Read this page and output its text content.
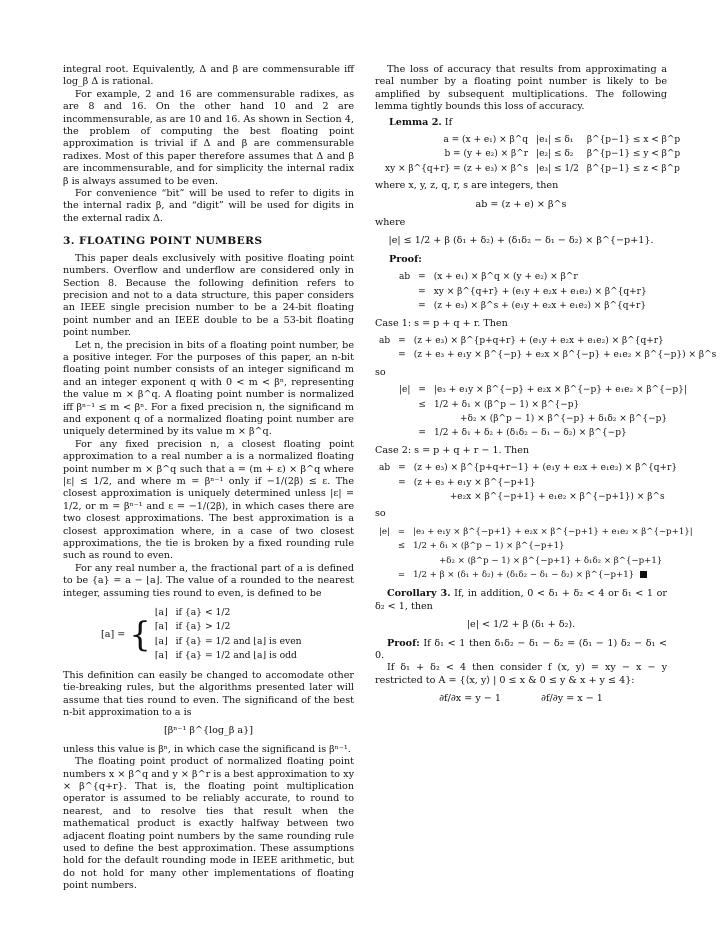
integral root. Equivalently, Δ and β are commensurable iff log_β Δ is rational.

For example, 2 and 16 are commensurable radixes, as are 8 and 16. On the other hand 10 and 2 are incommensurable, as are 10 and 16. As shown in Section 4, the problem of computing the best floating point approximation is trivial if Δ and β are commensurable radixes. Most of this paper therefore assumes that Δ and β are incommensurable, and for simplicity the internal radix β is always assumed to be even.

For convenience “bit” will be used to refer to digits in the internal radix β, and “digit” will be used for digits in the external radix Δ.

3. FLOATING POINT NUMBERS

This paper deals exclusively with positive floating point numbers. Overflow and underflow are considered only in Section 8. Because the following definition refers to precision and not to a data structure, this paper considers an IEEE single precision number to be a 24-bit floating point number and an IEEE double to be a 53-bit floating point number.

Let n, the precision in bits of a floating point number, be a positive integer. For the purposes of this paper, an n-bit floating point number consists of an integer significand m and an integer exponent q with 0 < m < βⁿ, representing the value m × β^q. A floating point number is normalized iff βⁿ⁻¹ ≤ m < βⁿ. For a fixed precision n, the significand m and exponent q of a normalized floating point number are uniquely determined by its value m × β^q.

For any fixed precision n, a closest floating point approximation to a real number a is a normalized floating point number m × β^q such that a = (m + ε) × β^q where |ε| ≤ 1/2, and where m = βⁿ⁻¹ only if −1/(2β) ≤ ε. The closest approximation is uniquely determined unless |ε| = 1/2, or m = βⁿ⁻¹ and ε = −1/(2β), in which cases there are two closest approximations. The best approximation is a closest approximation where, in a case of two closest approximations, the tie is broken by a fixed rounding rule such as round to even.

For any real number a, the fractional part of a is defined to be {a} = a − ⌊a⌋. The value of a rounded to the nearest integer, assuming ties round to even, is defined to be

[a] = {
⌊a⌋	if {a} < 1/2
⌈a⌉	if {a} > 1/2
⌊a⌋	if {a} = 1/2 and ⌊a⌋ is even
⌈a⌉	if {a} = 1/2 and ⌊a⌋ is odd

This definition can easily be changed to accomodate other tie-breaking rules, but the algorithms presented later will assume that ties round to even. The significand of the best n-bit approximation to a is

[βⁿ⁻¹ β^{log_β a}]

unless this value is βⁿ, in which case the significand is βⁿ⁻¹.

The floating point product of normalized floating point numbers x × β^q and y × β^r is a best approximation to xy × β^{q+r}. That is, the floating point multiplication operator is assumed to be reliably accurate, to round to nearest, and to resolve ties that result when the mathematical product is exactly halfway between two adjacent floating point numbers by the same rounding rule used to define the best approximation. These assumptions hold for the default rounding mode in IEEE arithmetic, but do not hold for many other implementations of floating point numbers.

The loss of accuracy that results from approximating a real number by a floating point number is likely to be amplified by subsequent multiplications. The following lemma tightly bounds this loss of accuracy.

Lemma 2. If

a = (x + e₁) × β^q	|e₁| ≤ δ₁	β^{p−1} ≤ x < β^p
b = (y + e₂) × β^r	|e₂| ≤ δ₂	β^{p−1} ≤ y < β^p
xy × β^{q+r} = (z + e₃) × β^s	|e₃| ≤ 1/2	β^{p−1} ≤ z < β^p

where x, y, z, q, r, s are integers, then

ab = (z + e) × β^s

where

|e| ≤ 1/2 + β (δ₁ + δ₂) + (δ₁δ₂ − δ₁ − δ₂) × β^{−p+1}.

Proof:

ab	=	(x + e₁) × β^q × (y + e₂) × β^r
	=	xy × β^{q+r} + (e₁y + e₂x + e₁e₂) × β^{q+r}
	=	(z + e₃) × β^s + (e₁y + e₂x + e₁e₂) × β^{q+r}

Case 1: s = p + q + r. Then

ab	=	(z + e₃) × β^{p+q+r} + (e₁y + e₂x + e₁e₂) × β^{q+r}
	=	(z + e₃ + e₁y × β^{−p} + e₂x × β^{−p} + e₁e₂ × β^{−p}) × β^s

so

|e|	=	|e₃ + e₁y × β^{−p} + e₂x × β^{−p} + e₁e₂ × β^{−p}|
	≤	1/2 + δ₁ × (β^p − 1) × β^{−p}
		+δ₂ × (β^p − 1) × β^{−p} + δ₁δ₂ × β^{−p}
	=	1/2 + δ₁ + δ₂ + (δ₁δ₂ − δ₁ − δ₂) × β^{−p}

Case 2: s = p + q + r − 1. Then

ab	=	(z + e₃) × β^{p+q+r−1} + (e₁y + e₂x + e₁e₂) × β^{q+r}
	=	(z + e₃ + e₁y × β^{−p+1}
		+e₂x × β^{−p+1} + e₁e₂ × β^{−p+1}) × β^s

so

|e|	=	|e₃ + e₁y × β^{−p+1} + e₂x × β^{−p+1} + e₁e₂ × β^{−p+1}|
	≤	1/2 + δ₁ × (β^p − 1) × β^{−p+1}
		+δ₂ × (β^p − 1) × β^{−p+1} + δ₁δ₂ × β^{−p+1}
	=	1/2 + β × (δ₁ + δ₂) + (δ₁δ₂ − δ₁ − δ₂) × β^{−p+1}

Corollary 3. If, in addition, 0 < δ₁ + δ₂ < 4 or δ₁ < 1 or δ₂ < 1, then

|e| < 1/2 + β (δ₁ + δ₂).

Proof: If δ₁ < 1 then δ₁δ₂ − δ₁ − δ₂ = (δ₁ − 1) δ₂ − δ₁ < 0.

If δ₁ + δ₂ < 4 then consider f (x, y) = xy − x − y restricted to A = {⟨x, y⟩ | 0 ≤ x & 0 ≤ y & x + y ≤ 4}:

∂f/∂x = y − 1	∂f/∂y = x − 1
